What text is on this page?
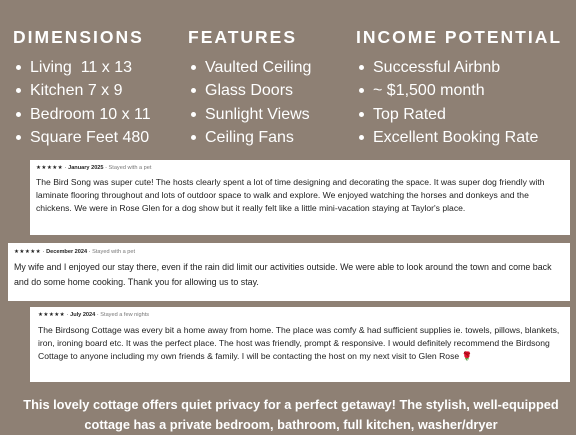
DIMENSIONS
Living  11 x 13
Kitchen 7 x 9
Bedroom 10 x 11
Square Feet 480
FEATURES
Vaulted Ceiling
Glass Doors
Sunlight Views
Ceiling Fans
INCOME POTENTIAL
Successful Airbnb
~ $1,500 month
Top Rated
Excellent Booking Rate
★★★★★ · January 2025 · Stayed with a pet

The Bird Song was super cute! The hosts clearly spent a lot of time designing and decorating the space. It was super dog friendly with laminate flooring throughout and lots of outdoor space to walk and explore. We enjoyed watching the horses and donkeys and the chickens. We were in Rose Glen for a dog show but it really felt like a little mini-vacation staying at Taylor's place.

★★★★★ · December 2024 · Stayed with a pet

My wife and I enjoyed our stay there, even if the rain did limit our activities outside. We were able to look around the town and come back and do some home cooking. Thank you for allowing us to stay.

★★★★★ · July 2024 · Stayed a few nights

The Birdsong Cottage was every bit a home away from home. The place was comfy & had sufficient supplies ie. towels, pillows, blankets, iron, ironing board etc. It was the perfect place. The host was friendly, prompt & responsive. I would definitely recommend the Birdsong Cottage to anyone including my own friends & family. I will be contacting the host on my next visit to Glen Rose 🌹

This lovely cottage offers quiet privacy for a perfect getaway! The stylish, well-equipped cottage has a private bedroom, bathroom, full kitchen, washer/dryer
